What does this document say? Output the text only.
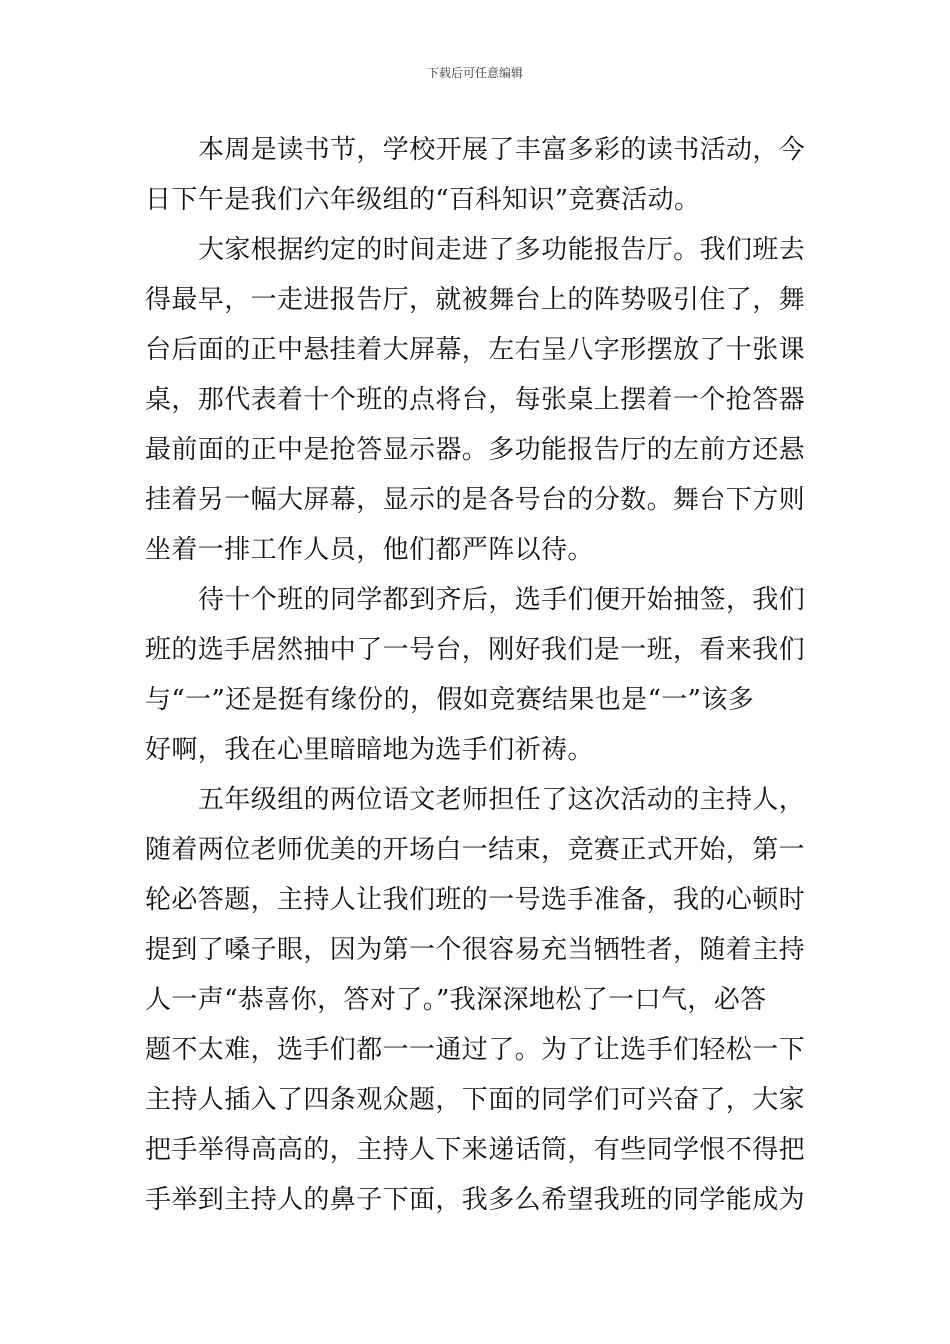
下载后可任意编辑
本周是读书节，学校开展了丰富多彩的读书活动，今
日下午是我们六年级组的“百科知识”竞赛活动。
大家根据约定的时间走进了多功能报告厅。我们班去
得最早，一走进报告厅，就被舞台上的阵势吸引住了，舞
台后面的正中悬挂着大屏幕，左右呈八字形摆放了十张课
桌，那代表着十个班的点将台，每张桌上摆着一个抢答器
最前面的正中是抢答显示器。多功能报告厅的左前方还悬
挂着另一幅大屏幕，显示的是各号台的分数。舞台下方则
坐着一排工作人员，他们都严阵以待。
待十个班的同学都到齐后，选手们便开始抽签，我们
班的选手居然抽中了一号台，刚好我们是一班，看来我们
与“一”还是挺有缘份的，假如竞赛结果也是“一”该多
好啊，我在心里暗暗地为选手们祈祷。
五年级组的两位语文老师担任了这次活动的主持人，
随着两位老师优美的开场白一结束，竞赛正式开始，第一
轮必答题，主持人让我们班的一号选手准备，我的心顿时
提到了嗓子眼，因为第一个很容易充当牺牲者，随着主持
人一声“恭喜你，答对了。”我深深地松了一口气，必答
题不太难，选手们都一一通过了。为了让选手们轻松一下
主持人插入了四条观众题，下面的同学们可兴奋了，大家
把手举得高高的，主持人下来递话筒，有些同学恨不得把
手举到主持人的鼻子下面，我多么希望我班的同学能成为
